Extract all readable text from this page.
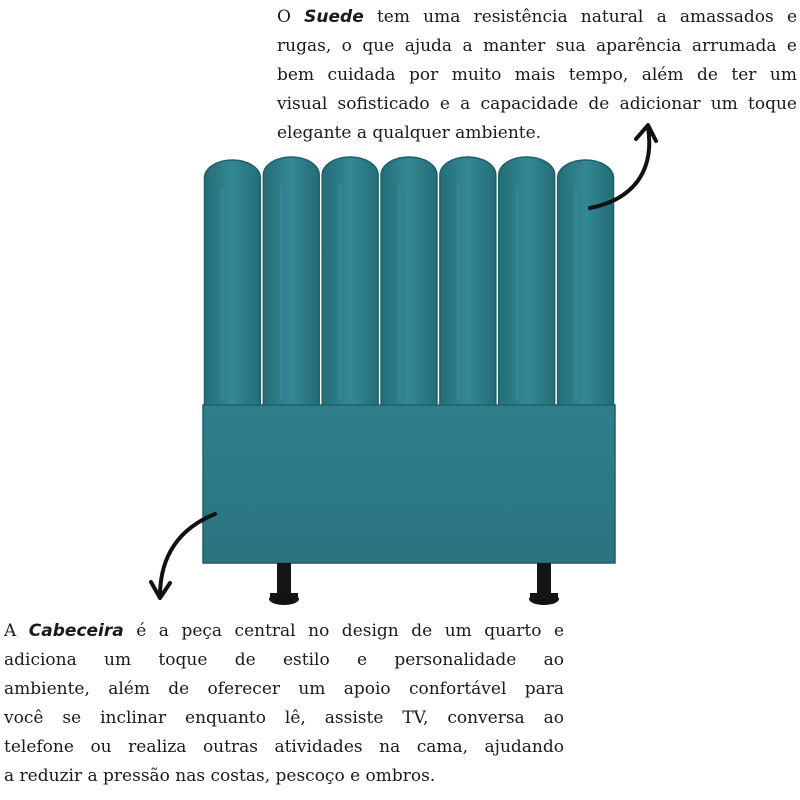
O Suede tem uma resistência natural a amassados e
rugas, o que ajuda a manter sua aparência arrumada e
bem cuidada por muito mais tempo, além de ter um
visual sofisticado e a capacidade de adicionar um toque
elegante a qualquer ambiente.

A Cabeceira é a peça central no design de um quarto e
adiciona um toque de estilo e personalidade ao
ambiente, além de oferecer um apoio confortável para
você se inclinar enquanto lê, assiste TV, conversa ao
telefone ou realiza outras atividades na cama, ajudando
a reduzir a pressão nas costas, pescoço e ombros.
